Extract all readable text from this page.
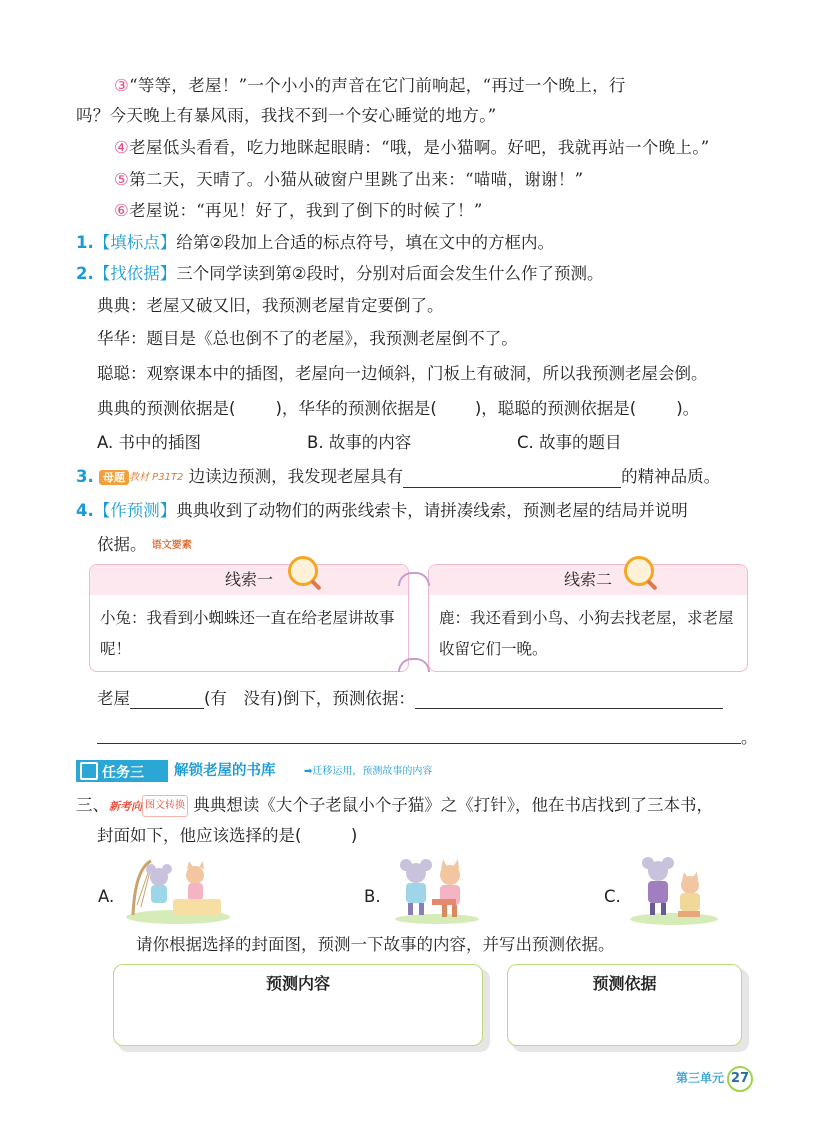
③“等等，老屋！”一个小小的声音在它门前响起，“再过一个晚上，行
吗？今天晚上有暴风雨，我找不到一个安心睡觉的地方。”
④老屋低头看看，吃力地眯起眼睛：“哦，是小猫啊。好吧，我就再站一个晚上。”
⑤第二天，天晴了。小猫从破窗户里跳了出来：“喵喵，谢谢！”
⑥老屋说：“再见！好了，我到了倒下的时候了！”
1.【填标点】给第②段加上合适的标点符号，填在文中的方框内。
2.【找依据】三个同学读到第②段时，分别对后面会发生什么作了预测。
典典：老屋又破又旧，我预测老屋肯定要倒了。
华华：题目是《总也倒不了的老屋》，我预测老屋倒不了。
聪聪：观察课本中的插图，老屋向一边倾斜，门板上有破洞，所以我预测老屋会倒。
典典的预测依据是( )，华华的预测依据是( )，聪聪的预测依据是( )。
A. 书中的插图	B. 故事的内容	C. 故事的题目
3. 母题 教材 P31T2 边读边预测，我发现老屋具有	的精神品质。
4.【作预测】典典收到了动物们的两张线索卡，请拼凑线索，预测老屋的结局并说明
依据。 语文要素
线索一
小兔：我看到小蜘蛛还一直在给老屋讲故事呢！
线索二
鹿：我还看到小鸟、小狗去找老屋，求老屋收留它们一晚。
老屋	(有　没有)倒下，预测依据：
。
任务三	解锁老屋的书库	➡迁移运用，预测故事的内容
三、新考向 图文转换 典典想读《大个子老鼠小个子猫》之《打针》，他在书店找到了三本书，
封面如下，他应该选择的是(　　　)
A.	B.	C.
请你根据选择的封面图，预测一下故事的内容，并写出预测依据。
预测内容	预测依据
第三单元 27
